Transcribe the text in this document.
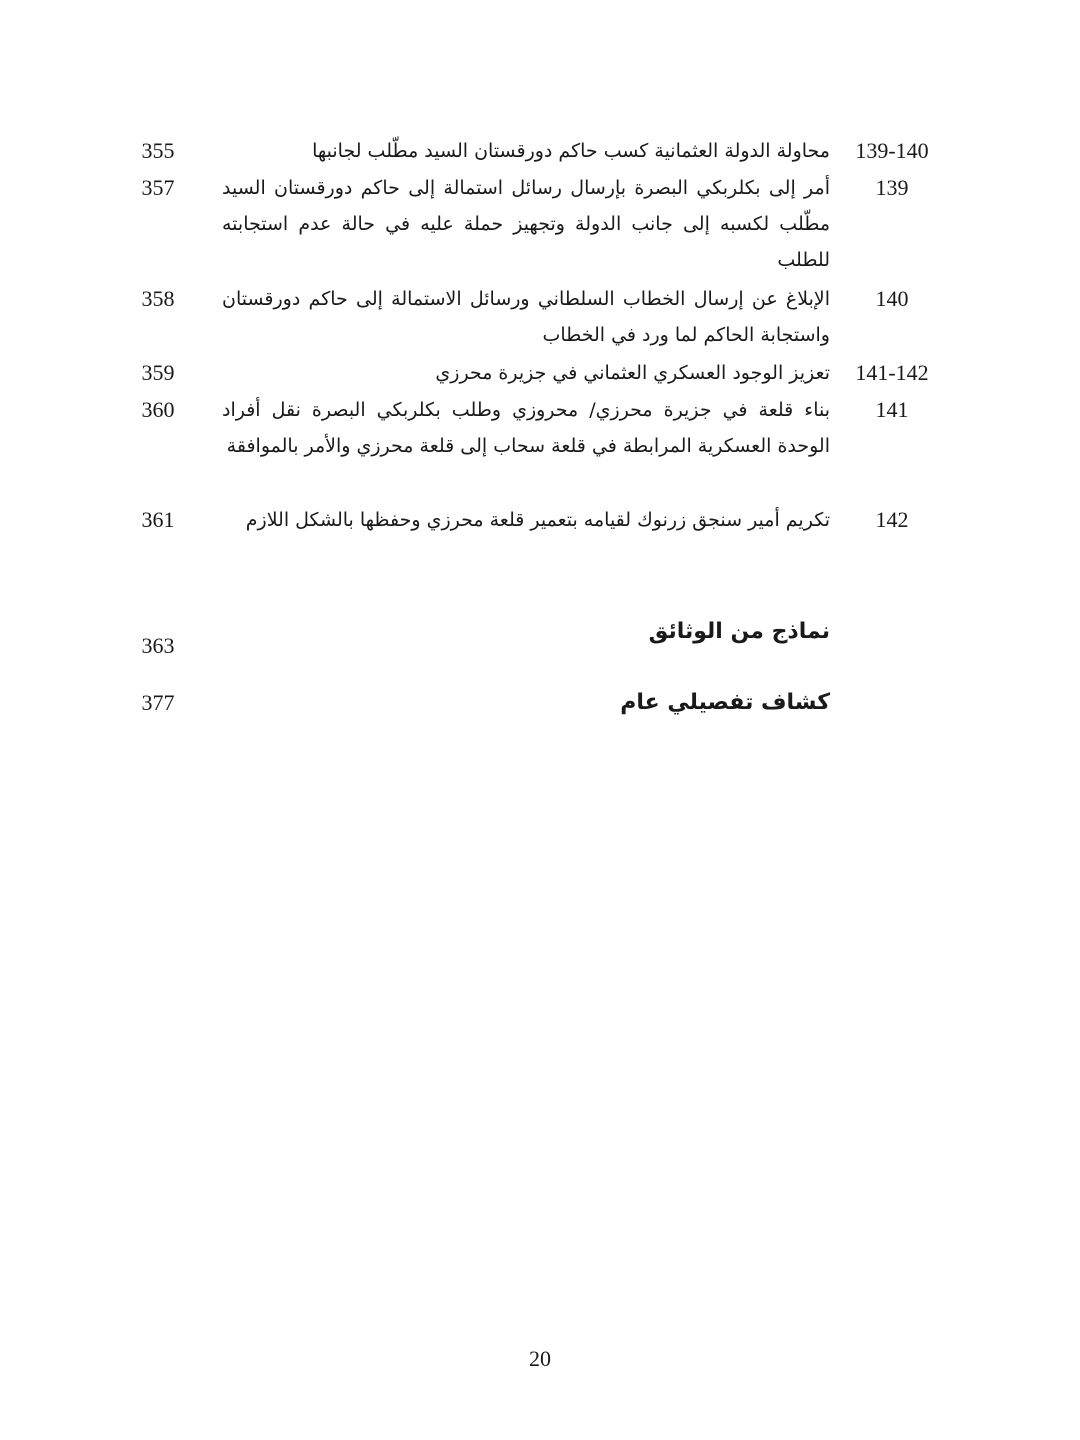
139-140
محاولة الدولة العثمانية كسب حاكم دورقستان السيد مطّلب لجانبها
355
139
أمر إلى بكلربكي البصرة بإرسال رسائل استمالة إلى حاكم دورقستان السيد مطّلب لكسبه إلى جانب الدولة وتجهيز حملة عليه في حالة عدم استجابته للطلب
357
140
الإبلاغ عن إرسال الخطاب السلطاني ورسائل الاستمالة إلى حاكم دورقستان واستجابة الحاكم لما ورد في الخطاب
358
141-142
تعزيز الوجود العسكري العثماني في جزيرة محرزي
359
141
بناء قلعة في جزيرة محرزي/ محروزي وطلب بكلربكي البصرة نقل أفراد الوحدة العسكرية المرابطة في قلعة سحاب إلى قلعة محرزي والأمر بالموافقة
360
142
تكريم أمير سنجق زرنوك لقيامه بتعمير قلعة محرزي وحفظها بالشكل اللازم
361
نماذج من الوثائق
363
كشاف تفصيلي عام
377
20
